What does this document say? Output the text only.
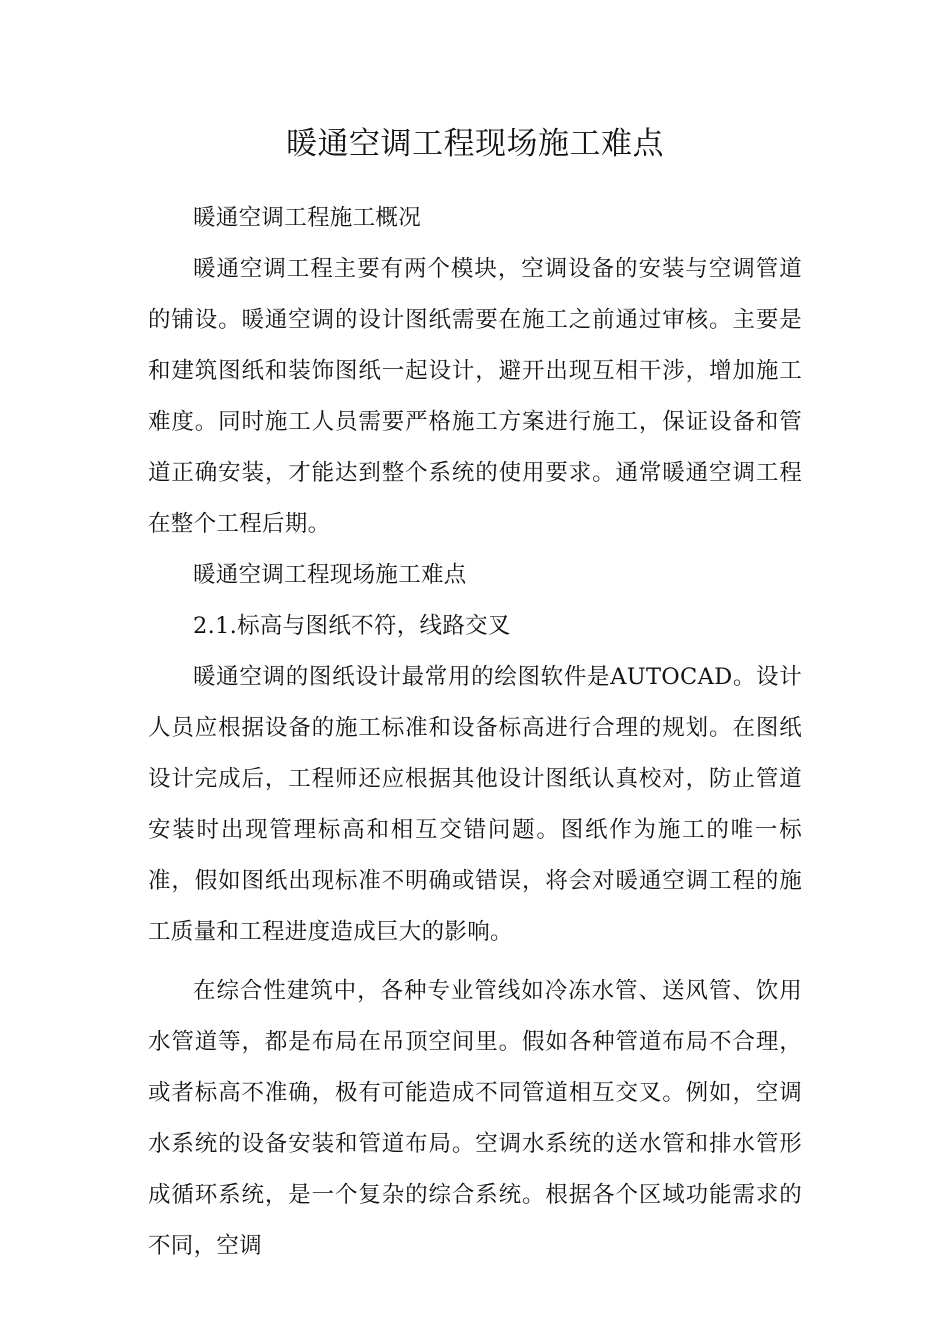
暖通空调工程现场施工难点

暖通空调工程施工概况

暖通空调工程主要有两个模块，空调设备的安装与空调管道的铺设。暖通空调的设计图纸需要在施工之前通过审核。主要是和建筑图纸和装饰图纸一起设计，避开出现互相干涉，增加施工难度。同时施工人员需要严格施工方案进行施工，保证设备和管道正确安装，才能达到整个系统的使用要求。通常暖通空调工程在整个工程后期。

暖通空调工程现场施工难点

2.1.标高与图纸不符，线路交叉

暖通空调的图纸设计最常用的绘图软件是AUTOCAD。设计人员应根据设备的施工标准和设备标高进行合理的规划。在图纸设计完成后，工程师还应根据其他设计图纸认真校对，防止管道安装时出现管理标高和相互交错问题。图纸作为施工的唯一标准，假如图纸出现标准不明确或错误，将会对暖通空调工程的施工质量和工程进度造成巨大的影响。

在综合性建筑中，各种专业管线如冷冻水管、送风管、饮用水管道等，都是布局在吊顶空间里。假如各种管道布局不合理，或者标高不准确，极有可能造成不同管道相互交叉。例如，空调水系统的设备安装和管道布局。空调水系统的送水管和排水管形成循环系统，是一个复杂的综合系统。根据各个区域功能需求的不同，空调
